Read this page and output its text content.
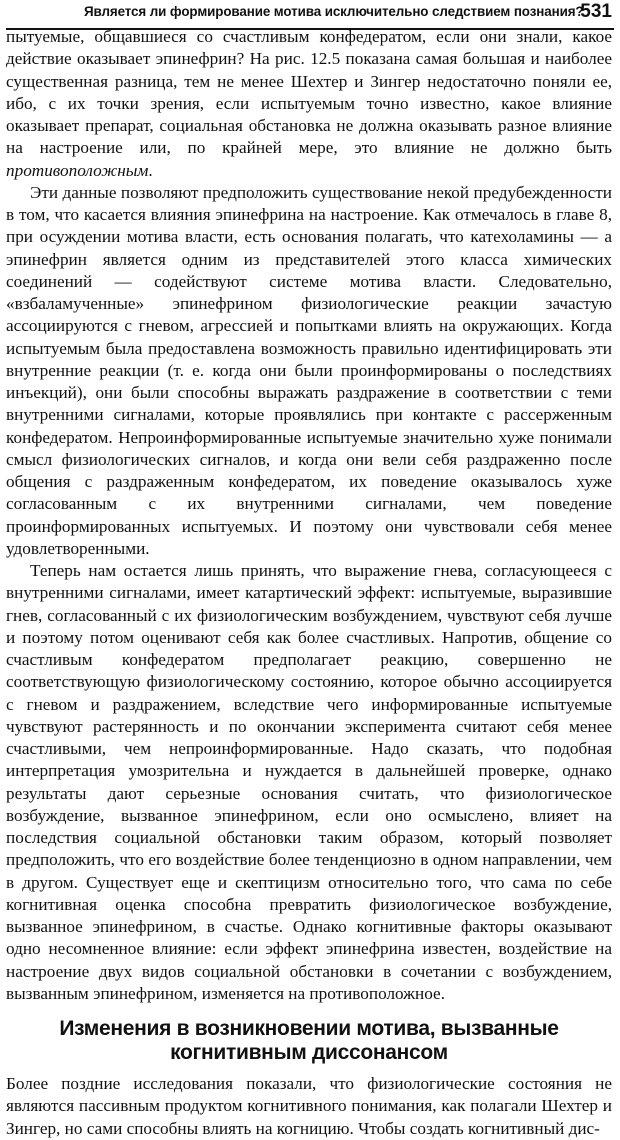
Является ли формирование мотива исключительно следствием познания?
531

пытуемые, общавшиеся со счастливым конфедератом, если они знали, какое действие оказывает эпинефрин? На рис. 12.5 показана самая большая и наиболее существенная разница, тем не менее Шехтер и Зингер недостаточно поняли ее, ибо, с их точки зрения, если испытуемым точно известно, какое влияние оказывает препарат, социальная обстановка не должна оказывать разное влияние на настроение или, по крайней мере, это влияние не должно быть противоположным.

Эти данные позволяют предположить существование некой предубежденности в том, что касается влияния эпинефрина на настроение. Как отмечалось в главе 8, при осуждении мотива власти, есть основания полагать, что катехоламины — а эпинефрин является одним из представителей этого класса химических соединений — содействуют системе мотива власти. Следовательно, «взбаламученные» эпинефрином физиологические реакции зачастую ассоциируются с гневом, агрессией и попытками влиять на окружающих. Когда испытуемым была предоставлена возможность правильно идентифицировать эти внутренние реакции (т. е. когда они были проинформированы о последствиях инъекций), они были способны выражать раздражение в соответствии с теми внутренними сигналами, которые проявлялись при контакте с рассерженным конфедератом. Непроинформированные испытуемые значительно хуже понимали смысл физиологических сигналов, и когда они вели себя раздраженно после общения с раздраженным конфедератом, их поведение оказывалось хуже согласованным с их внутренними сигналами, чем поведение проинформированных испытуемых. И поэтому они чувствовали себя менее удовлетворенными.

Теперь нам остается лишь принять, что выражение гнева, согласующееся с внутренними сигналами, имеет катартический эффект: испытуемые, выразившие гнев, согласованный с их физиологическим возбуждением, чувствуют себя лучше и поэтому потом оценивают себя как более счастливых. Напротив, общение со счастливым конфедератом предполагает реакцию, совершенно не соответствующую физиологическому состоянию, которое обычно ассоциируется с гневом и раздражением, вследствие чего информированные испытуемые чувствуют растерянность и по окончании эксперимента считают себя менее счастливыми, чем непроинформированные. Надо сказать, что подобная интерпретация умозрительна и нуждается в дальнейшей проверке, однако результаты дают серьезные основания считать, что физиологическое возбуждение, вызванное эпинефрином, если оно осмыслено, влияет на последствия социальной обстановки таким образом, который позволяет предположить, что его воздействие более тенденциозно в одном направлении, чем в другом. Существует еще и скептицизм относительно того, что сама по себе когнитивная оценка способна превратить физиологическое возбуждение, вызванное эпинефрином, в счастье. Однако когнитивные факторы оказывают одно несомненное влияние: если эффект эпинефрина известен, воздействие на настроение двух видов социальной обстановки в сочетании с возбуждением, вызванным эпинефрином, изменяется на противоположное.

Изменения в возникновении мотива, вызванные когнитивным диссонансом

Более поздние исследования показали, что физиологические состояния не являются пассивным продуктом когнитивного понимания, как полагали Шехтер и Зингер, но сами способны влиять на когницию. Чтобы создать когнитивный дис-
